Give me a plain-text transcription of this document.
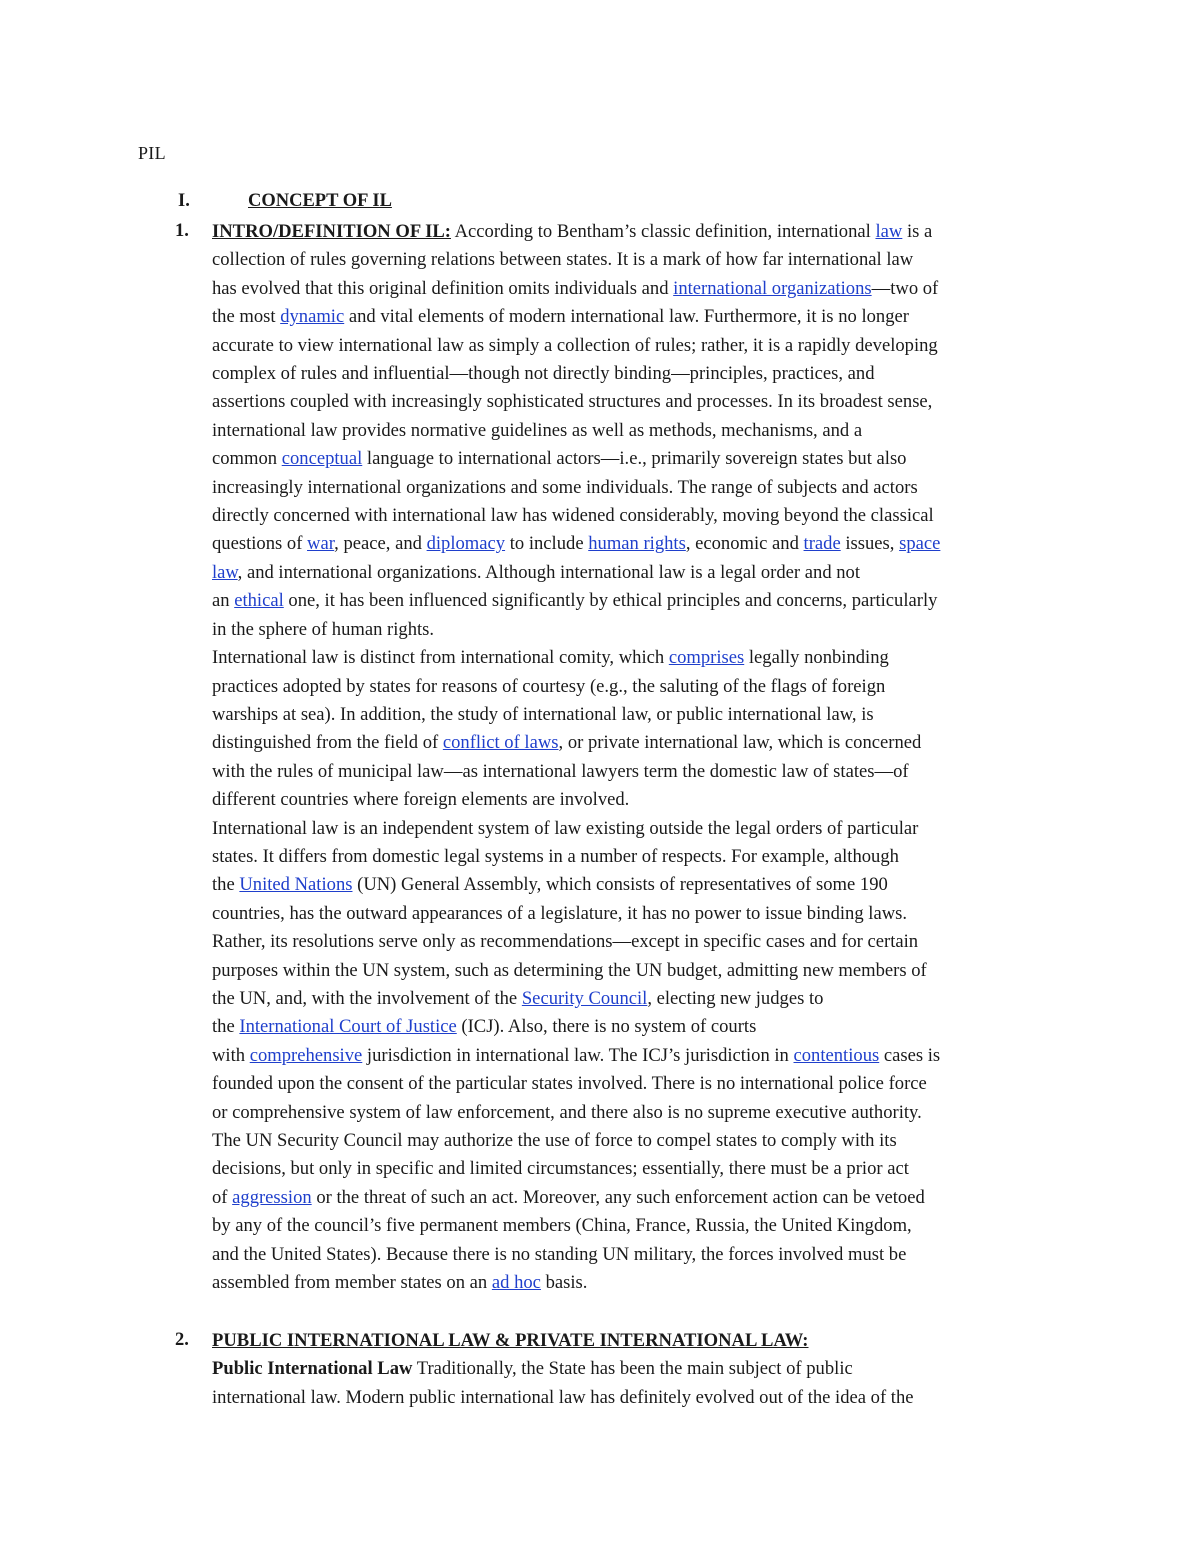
PIL
I.	CONCEPT OF IL
1. INTRO/DEFINITION OF IL: According to Bentham’s classic definition, international law is a
collection of rules governing relations between states. It is a mark of how far international law
has evolved that this original definition omits individuals and international organizations—two of
the most dynamic and vital elements of modern international law. Furthermore, it is no longer
accurate to view international law as simply a collection of rules; rather, it is a rapidly developing
complex of rules and influential—though not directly binding—principles, practices, and
assertions coupled with increasingly sophisticated structures and processes. In its broadest sense,
international law provides normative guidelines as well as methods, mechanisms, and a
common conceptual language to international actors—i.e., primarily sovereign states but also
increasingly international organizations and some individuals. The range of subjects and actors
directly concerned with international law has widened considerably, moving beyond the classical
questions of war, peace, and diplomacy to include human rights, economic and trade issues, space
law, and international organizations. Although international law is a legal order and not
an ethical one, it has been influenced significantly by ethical principles and concerns, particularly
in the sphere of human rights.
International law is distinct from international comity, which comprises legally nonbinding
practices adopted by states for reasons of courtesy (e.g., the saluting of the flags of foreign
warships at sea). In addition, the study of international law, or public international law, is
distinguished from the field of conflict of laws, or private international law, which is concerned
with the rules of municipal law—as international lawyers term the domestic law of states—of
different countries where foreign elements are involved.
International law is an independent system of law existing outside the legal orders of particular
states. It differs from domestic legal systems in a number of respects. For example, although
the United Nations (UN) General Assembly, which consists of representatives of some 190
countries, has the outward appearances of a legislature, it has no power to issue binding laws.
Rather, its resolutions serve only as recommendations—except in specific cases and for certain
purposes within the UN system, such as determining the UN budget, admitting new members of
the UN, and, with the involvement of the Security Council, electing new judges to
the International Court of Justice (ICJ). Also, there is no system of courts
with comprehensive jurisdiction in international law. The ICJ’s jurisdiction in contentious cases is
founded upon the consent of the particular states involved. There is no international police force
or comprehensive system of law enforcement, and there also is no supreme executive authority.
The UN Security Council may authorize the use of force to compel states to comply with its
decisions, but only in specific and limited circumstances; essentially, there must be a prior act
of aggression or the threat of such an act. Moreover, any such enforcement action can be vetoed
by any of the council’s five permanent members (China, France, Russia, the United Kingdom,
and the United States). Because there is no standing UN military, the forces involved must be
assembled from member states on an ad hoc basis.
2. PUBLIC INTERNATIONAL LAW & PRIVATE INTERNATIONAL LAW:
Public International Law Traditionally, the State has been the main subject of public
international law. Modern public international law has definitely evolved out of the idea of the
